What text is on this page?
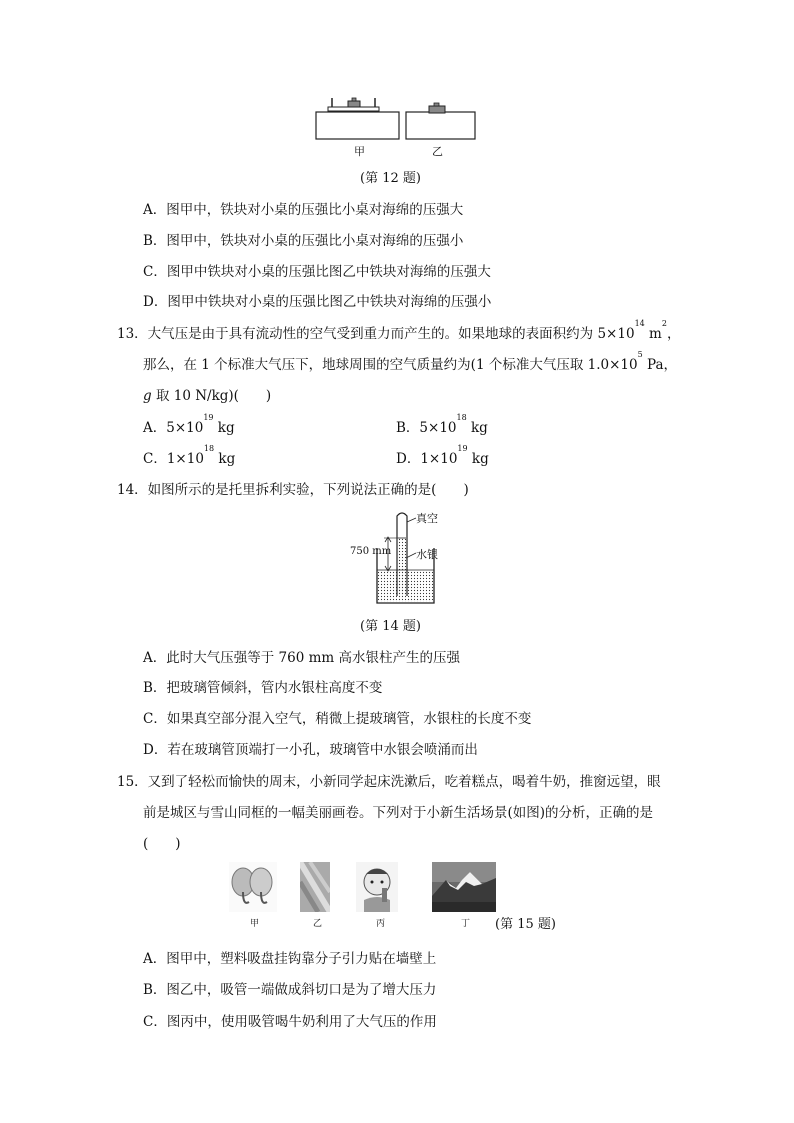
甲	乙
(第 12 题)
A．图甲中，铁块对小桌的压强比小桌对海绵的压强大
B．图甲中，铁块对小桌的压强比小桌对海绵的压强小
C．图甲中铁块对小桌的压强比图乙中铁块对海绵的压强大
D．图甲中铁块对小桌的压强比图乙中铁块对海绵的压强小
13．大气压是由于具有流动性的空气受到重力而产生的。如果地球的表面积约为 $5\times 10^{14}$ $m^2$，
那么，在 1 个标准大气压下，地球周围的空气质量约为(1 个标准大气压取 $1.0\times 10^5$ Pa，
g 取 10 N/kg)(　　)
A．$5\times 10^{19}$ kg	B．$5\times 10^{18}$ kg
C．$1\times 10^{18}$ kg	D．$1\times 10^{19}$ kg
14．如图所示的是托里拆利实验，下列说法正确的是(　　)
真空
750 mm 水银
(第 14 题)
A．此时大气压强等于 760 mm 高水银柱产生的压强
B．把玻璃管倾斜，管内水银柱高度不变
C．如果真空部分混入空气，稍微上提玻璃管，水银柱的长度不变
D．若在玻璃管顶端打一小孔，玻璃管中水银会喷涌而出
15．又到了轻松而愉快的周末，小新同学起床洗漱后，吃着糕点，喝着牛奶，推窗远望，眼
前是城区与雪山同框的一幅美丽画卷。下列对于小新生活场景(如图)的分析，正确的是
(　　)
甲	乙	丙	丁 (第 15 题)
A．图甲中，塑料吸盘挂钩靠分子引力贴在墙壁上
B．图乙中，吸管一端做成斜切口是为了增大压力
C．图丙中，使用吸管喝牛奶利用了大气压的作用
